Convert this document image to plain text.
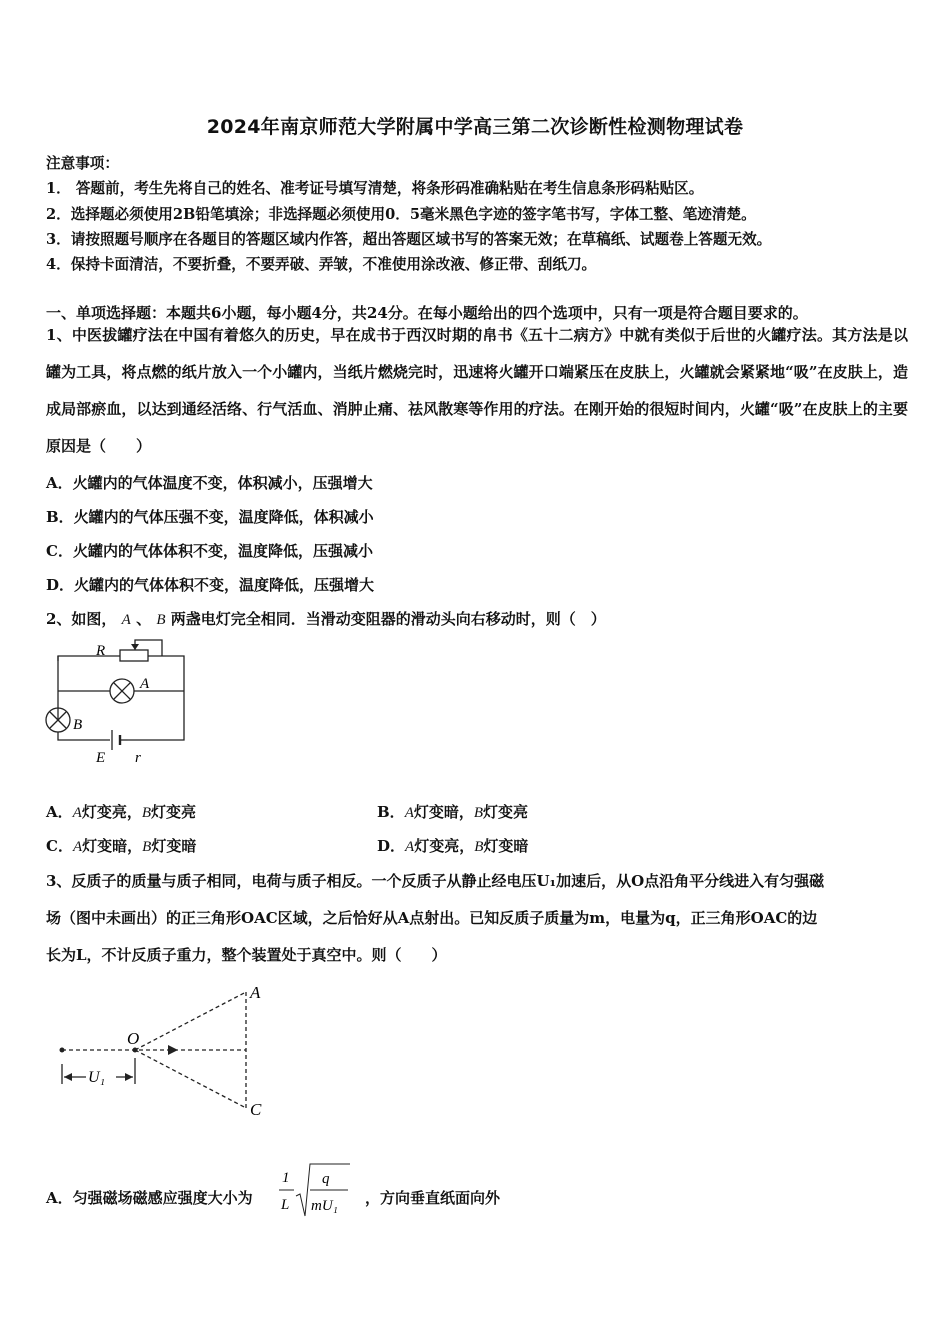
2024年南京师范大学附属中学高三第二次诊断性检测物理试卷
注意事项：
1． 答题前，考生先将自己的姓名、准考证号填写清楚，将条形码准确粘贴在考生信息条形码粘贴区。
2．选择题必须使用2B铅笔填涂；非选择题必须使用0．5毫米黑色字迹的签字笔书写，字体工整、笔迹清楚。
3．请按照题号顺序在各题目的答题区域内作答，超出答题区域书写的答案无效；在草稿纸、试题卷上答题无效。
4．保持卡面清洁，不要折叠，不要弄破、弄皱，不准使用涂改液、修正带、刮纸刀。
一、单项选择题：本题共6小题，每小题4分，共24分。在每小题给出的四个选项中，只有一项是符合题目要求的。
1、中医拔罐疗法在中国有着悠久的历史，早在成书于西汉时期的帛书《五十二病方》中就有类似于后世的火罐疗法。其方法是以罐为工具，将点燃的纸片放入一个小罐内，当纸片燃烧完时，迅速将火罐开口端紧压在皮肤上，火罐就会紧紧地“吸”在皮肤上，造成局部瘀血，以达到通经活络、行气活血、消肿止痛、祛风散寒等作用的疗法。在刚开始的很短时间内，火罐“吸”在皮肤上的主要原因是（　　）
A．火罐内的气体温度不变，体积减小，压强增大
B．火罐内的气体压强不变，温度降低，体积减小
C．火罐内的气体体积不变，温度降低，压强减小
D．火罐内的气体体积不变，温度降低，压强增大
2、如图， A 、 B 两盏电灯完全相同．当滑动变阻器的滑动头向右移动时，则（　）
R
A
B
E r
A．A灯变亮，B灯变亮	B．A灯变暗，B灯变亮
C．A灯变暗，B灯变暗	D．A灯变亮，B灯变暗
3、反质子的质量与质子相同，电荷与质子相反。一个反质子从静止经电压U₁加速后，从O点沿角平分线进入有匀强磁
场（图中未画出）的正三角形OAC区域，之后恰好从A点射出。已知反质子质量为m，电量为q，正三角形OAC的边
长为L，不计反质子重力，整个装置处于真空中。则（　　）
A
O
C
U₁
A．匀强磁场磁感应强度大小为
1
L
q
mU₁ ，方向垂直纸面向外
